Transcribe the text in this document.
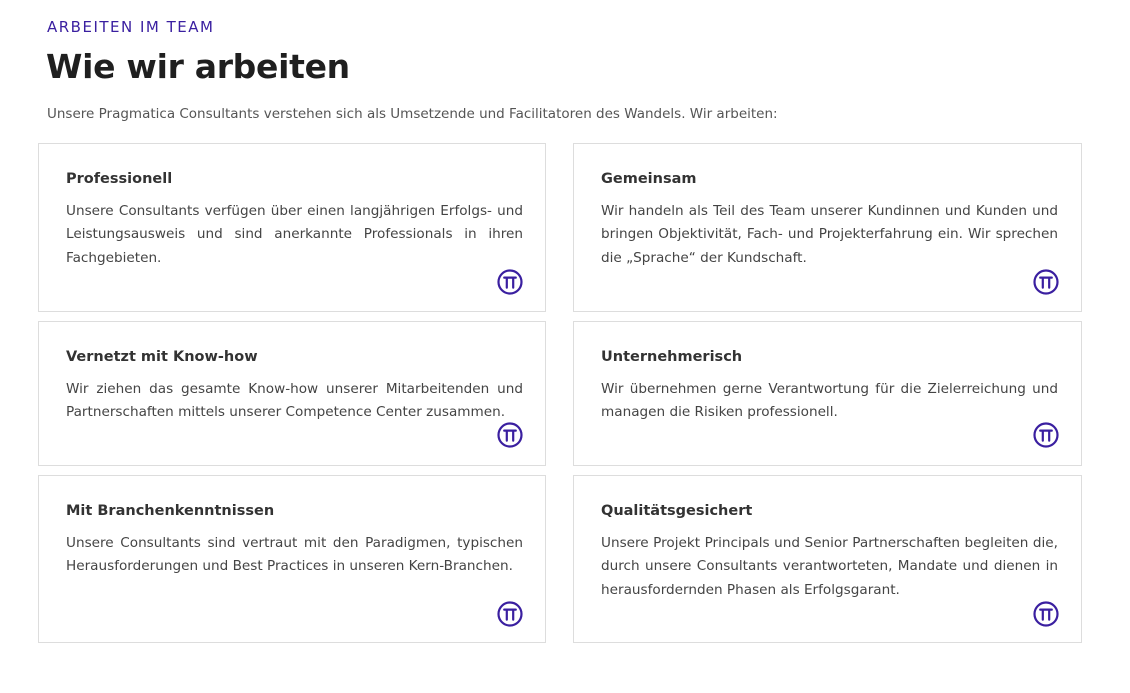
ARBEITEN IM TEAM
Wie wir arbeiten
Unsere Pragmatica Consultants verstehen sich als Umsetzende und Facilitatoren des Wandels. Wir arbeiten:
Professionell

Unsere Consultants verfügen über einen langjährigen Erfolgs- und Leistungsausweis und sind anerkannte Professionals in ihren Fachgebieten.

Gemeinsam

Wir handeln als Teil des Team unserer Kundinnen und Kunden und bringen Objektivität, Fach- und Projekterfahrung ein. Wir sprechen die „Sprache“ der Kundschaft.

Vernetzt mit Know-how

Wir ziehen das gesamte Know-how unserer Mitarbeitenden und Partnerschaften mittels unserer Competence Center zusammen.

Unternehmerisch

Wir übernehmen gerne Verantwortung für die Zielerreichung und managen die Risiken professionell.

Mit Branchenkenntnissen

Unsere Consultants sind vertraut mit den Paradigmen, typischen Herausforderungen und Best Practices in unseren Kern-Branchen.

Qualitätsgesichert

Unsere Projekt Principals und Senior Partnerschaften begleiten die, durch unsere Consultants verantworteten, Mandate und dienen in herausfordernden Phasen als Erfolgsgarant.
